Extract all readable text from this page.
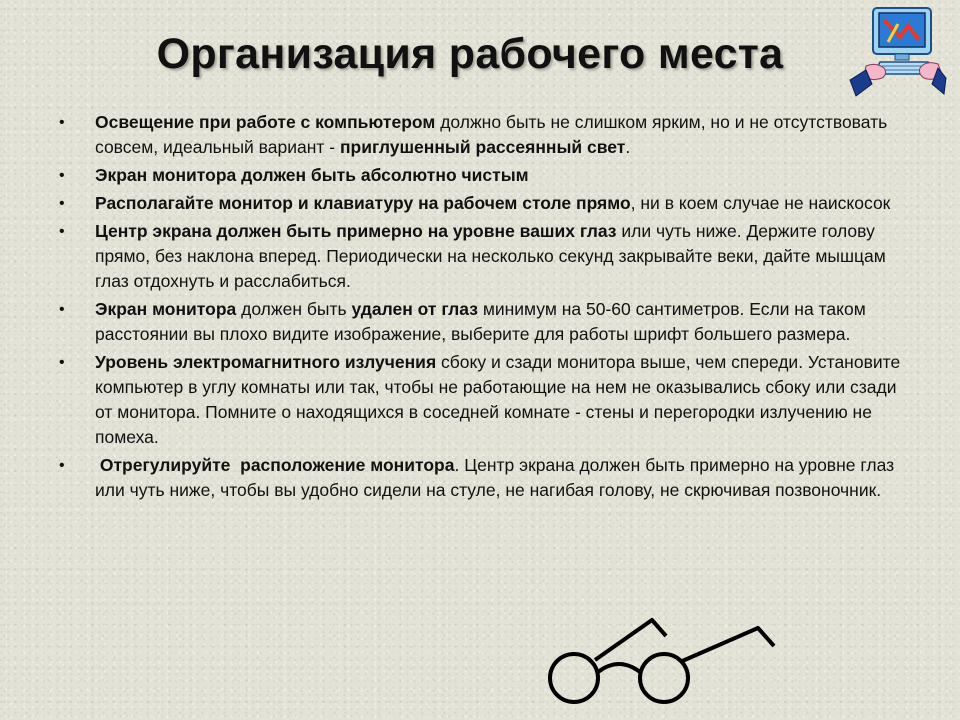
Организация рабочего места
• Освещение при работе с компьютером должно быть не слишком ярким, но и не отсутствовать совсем, идеальный вариант - приглушенный рассеянный свет.
• Экран монитора должен быть абсолютно чистым
• Располагайте монитор и клавиатуру на рабочем столе прямо, ни в коем случае не наискосок
• Центр экрана должен быть примерно на уровне ваших глаз или чуть ниже. Держите голову прямо, без наклона вперед. Периодически на несколько секунд закрывайте веки, дайте мышцам глаз отдохнуть и расслабиться.
• Экран монитора должен быть удален от глаз минимум на 50-60 сантиметров. Если на таком расстоянии вы плохо видите изображение, выберите для работы шрифт большего размера.
• Уровень электромагнитного излучения сбоку и сзади монитора выше, чем спереди. Установите компьютер в углу комнаты или так, чтобы не работающие на нем не оказывались сбоку или сзади от монитора. Помните о находящихся в соседней комнате - стены и перегородки излучению не помеха.
• Отрегулируйте  расположение монитора. Центр экрана должен быть примерно на уровне глаз или чуть ниже, чтобы вы удобно сидели на стуле, не нагибая голову, не скрючивая позвоночник.
